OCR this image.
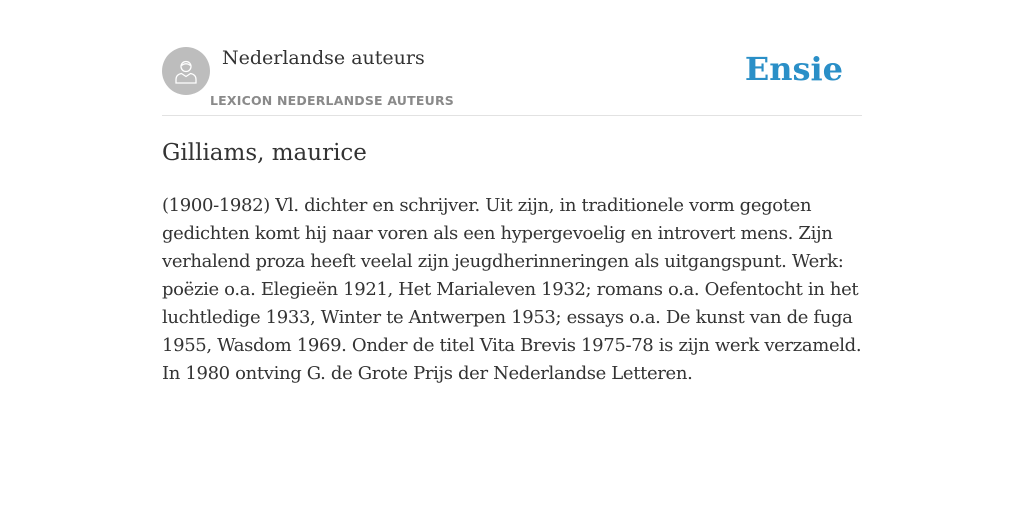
Nederlandse auteurs
LEXICON NEDERLANDSE AUTEURS
Ensie
Gilliams, maurice

(1900-1982) Vl. dichter en schrijver. Uit zijn, in traditionele vorm gegoten gedichten komt hij naar voren als een hypergevoelig en introvert mens. Zijn verhalend proza heeft veelal zijn jeugdherinneringen als uitgangspunt. Werk: poëzie o.a. Elegieën 1921, Het Marialeven 1932; romans o.a. Oefentocht in het luchtledige 1933, Winter te Antwerpen 1953; essays o.a. De kunst van de fuga 1955, Wasdom 1969. Onder de titel Vita Brevis 1975-78 is zijn werk verzameld. In 1980 ontving G. de Grote Prijs der Nederlandse Letteren.
